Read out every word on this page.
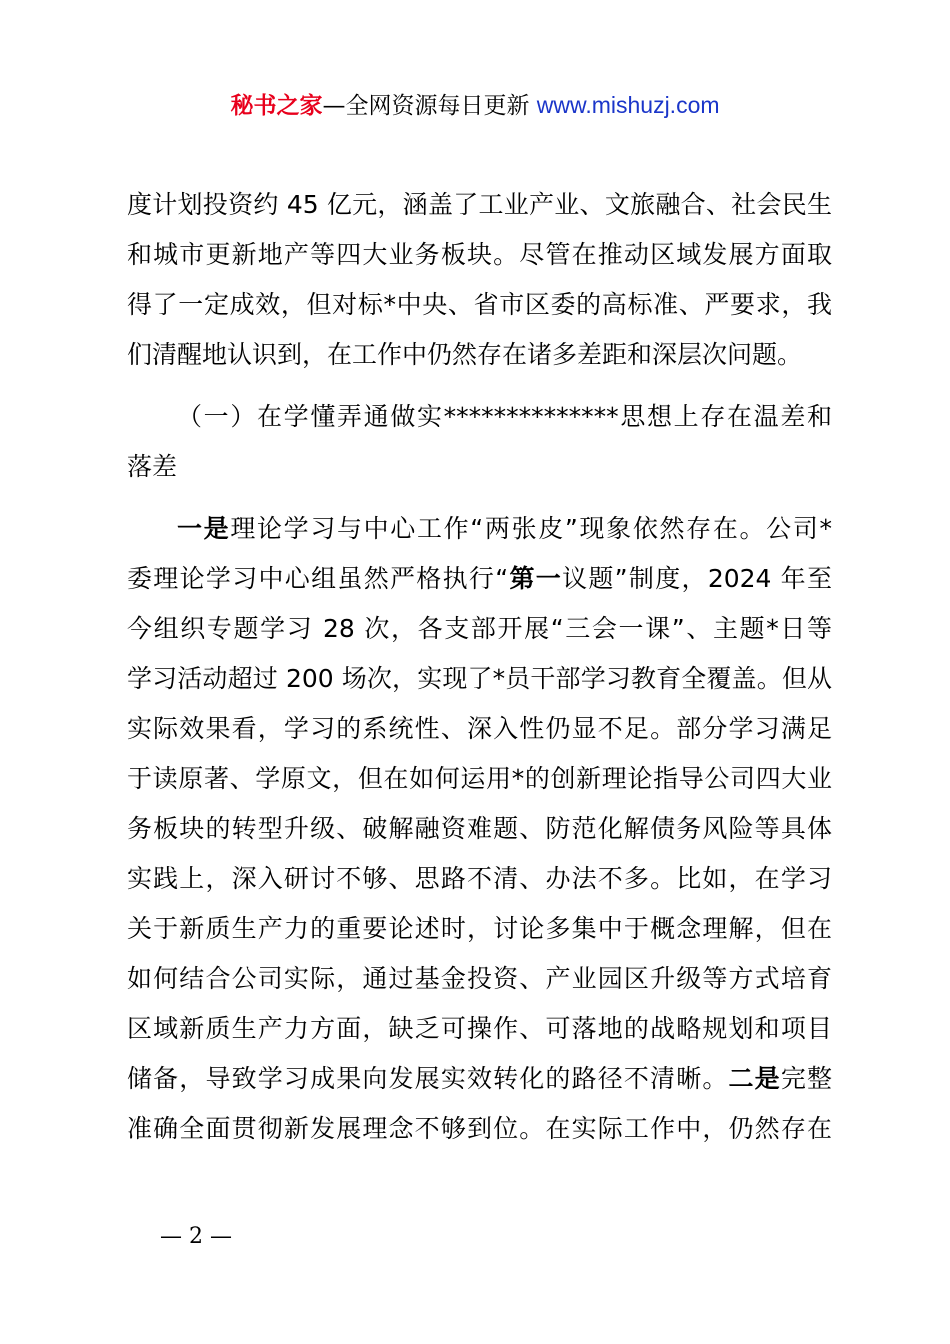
秘书之家—全网资源每日更新 www.mishuzj.com
度计划投资约 45 亿元，涵盖了工业产业、文旅融合、社会民生
和城市更新地产等四大业务板块。尽管在推动区域发展方面取
得了一定成效，但对标*中央、省市区委的高标准、严要求，我
们清醒地认识到，在工作中仍然存在诸多差距和深层次问题。
（一）在学懂弄通做实**************思想上存在温差和
落差
一是理论学习与中心工作“两张皮”现象依然存在。公司*
委理论学习中心组虽然严格执行“第一议题”制度，2024 年至
今组织专题学习 28 次，各支部开展“三会一课”、主题*日等
学习活动超过 200 场次，实现了*员干部学习教育全覆盖。但从
实际效果看，学习的系统性、深入性仍显不足。部分学习满足
于读原著、学原文，但在如何运用*的创新理论指导公司四大业
务板块的转型升级、破解融资难题、防范化解债务风险等具体
实践上，深入研讨不够、思路不清、办法不多。比如，在学习
关于新质生产力的重要论述时，讨论多集中于概念理解，但在
如何结合公司实际，通过基金投资、产业园区升级等方式培育
区域新质生产力方面，缺乏可操作、可落地的战略规划和项目
储备，导致学习成果向发展实效转化的路径不清晰。二是完整
准确全面贯彻新发展理念不够到位。在实际工作中，仍然存在
— 2 —
